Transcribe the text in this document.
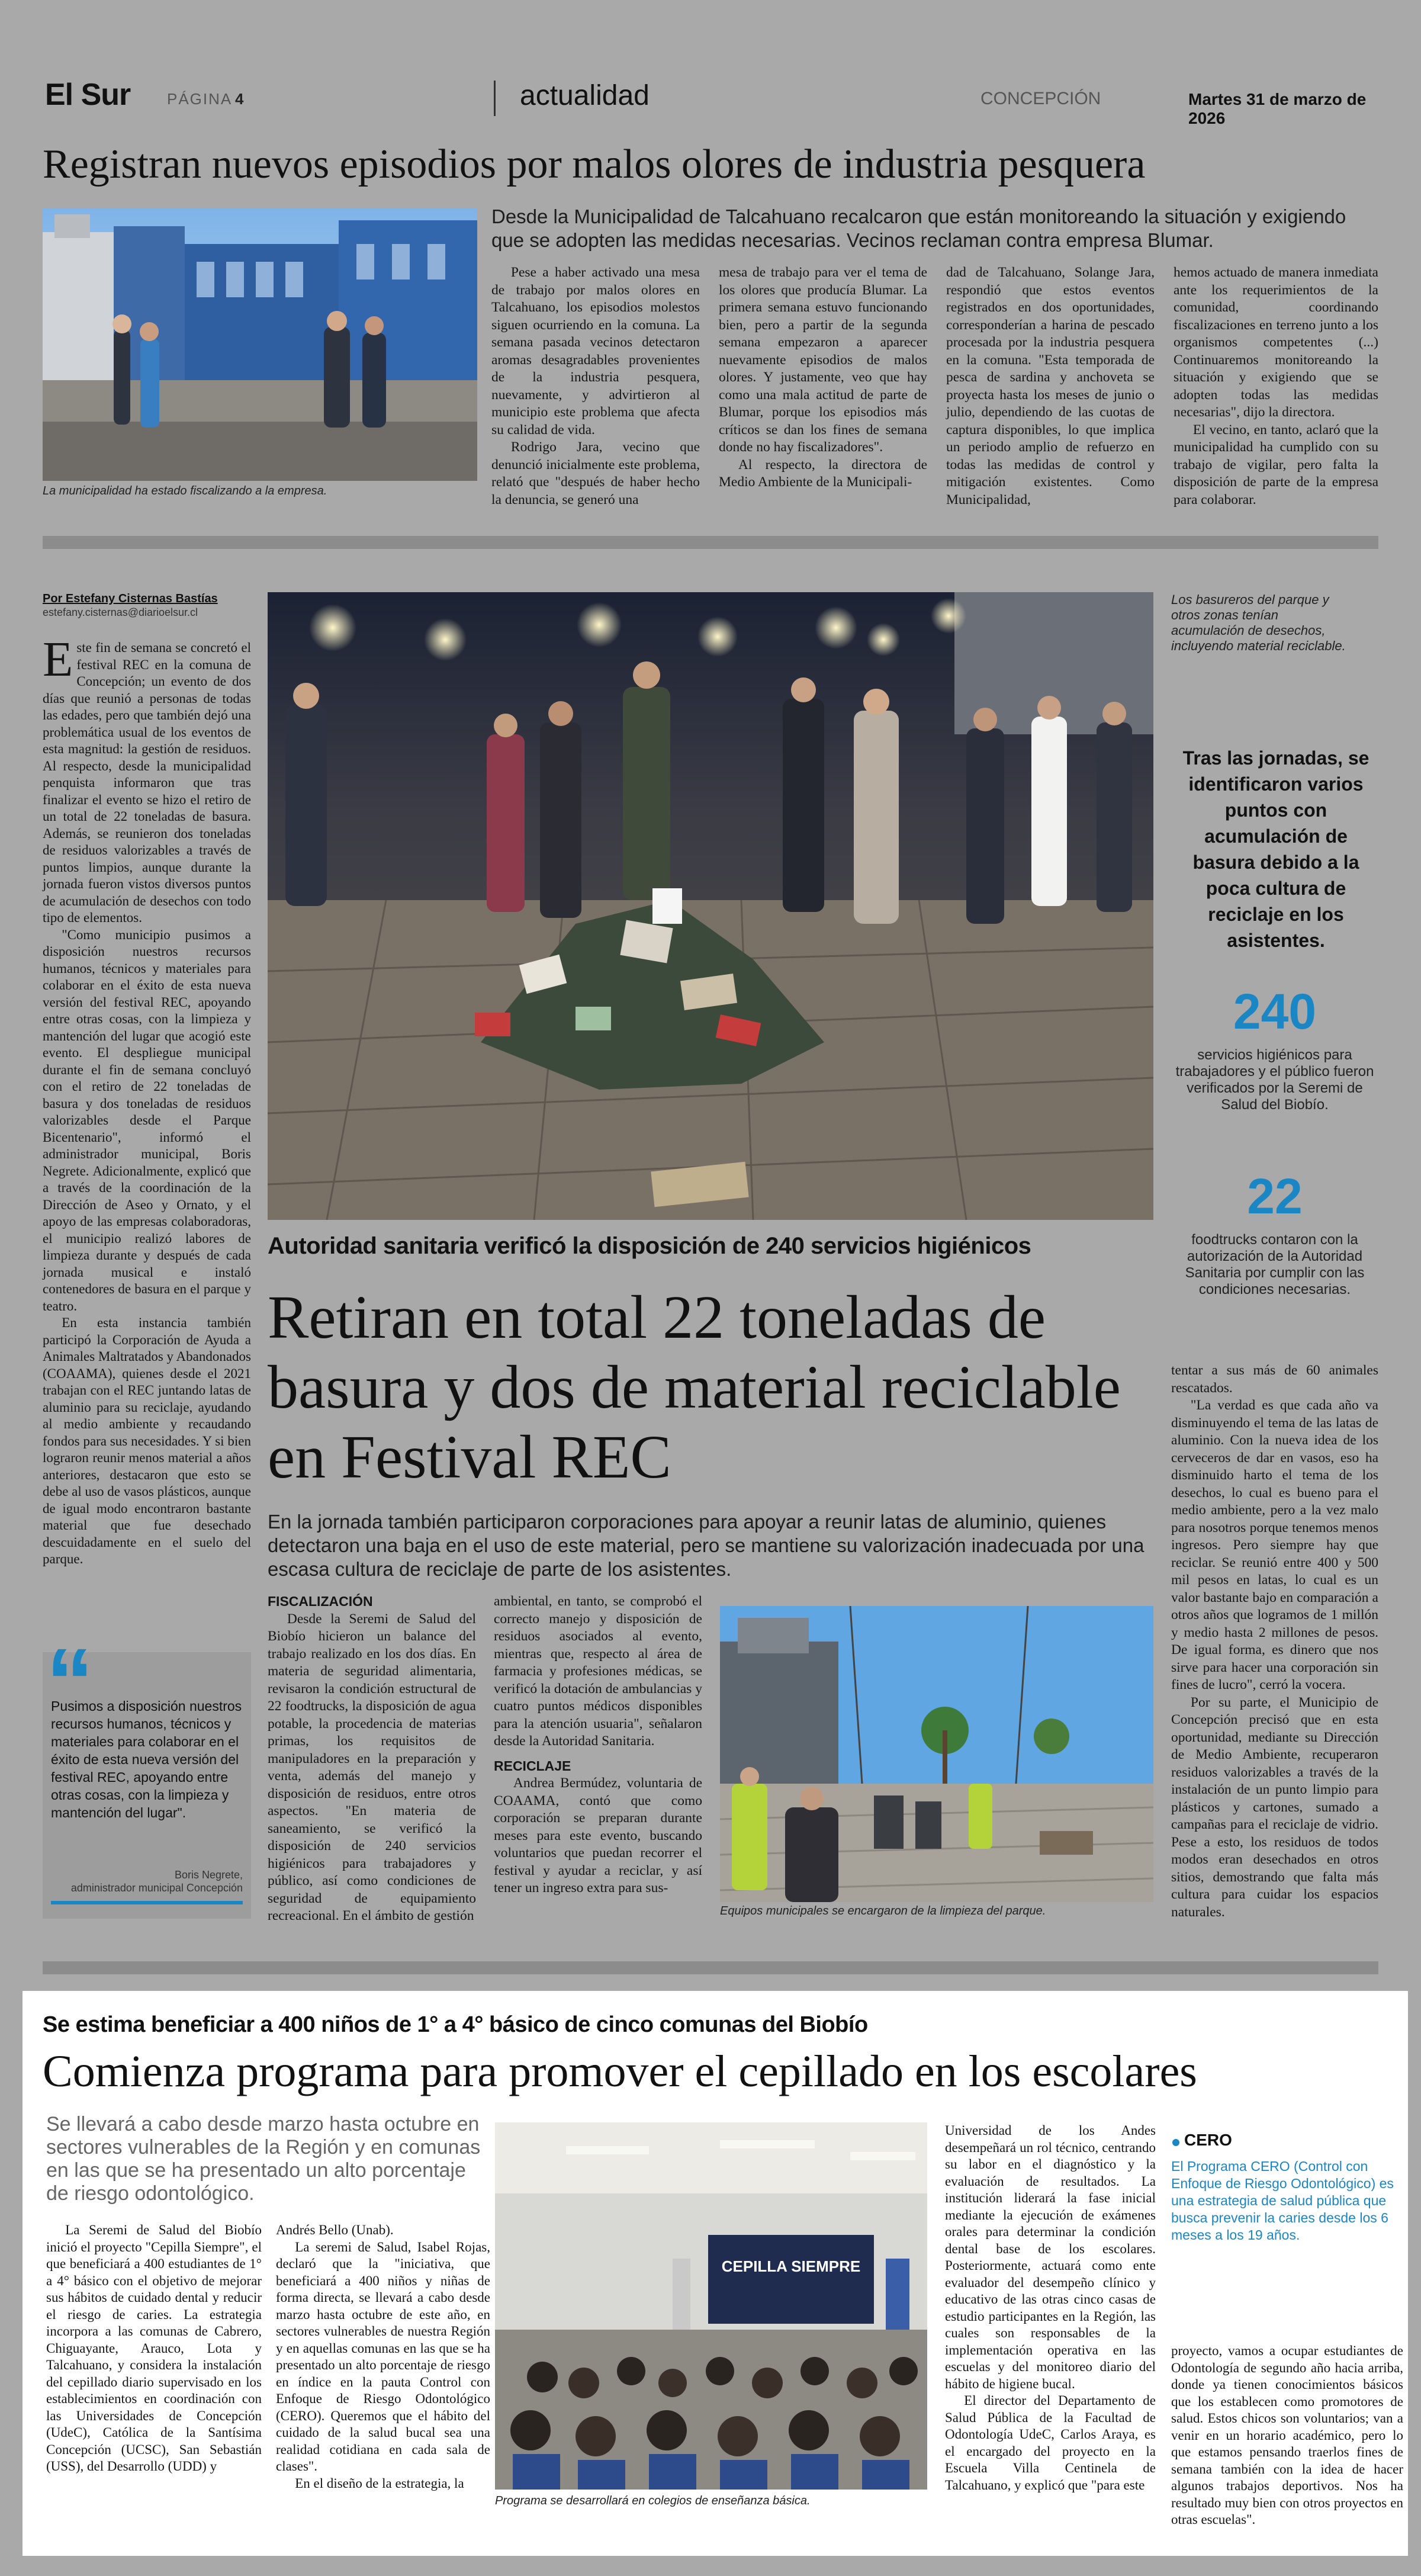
El Sur PÁGINA 4	actualidad	CONCEPCIÓN	Martes 31 de marzo de 2026
Registran nuevos episodios por malos olores de industria pesquera
La municipalidad ha estado fiscalizando a la empresa.
Desde la Municipalidad de Talcahuano recalcaron que están monitoreando la situación y exigiendo que se adopten las medidas necesarias. Vecinos reclaman contra empresa Blumar.

Pese a haber activado una mesa de trabajo por malos olores en Talcahuano, los episodios molestos siguen ocurriendo en la comuna. La semana pasada vecinos detectaron aromas desagradables provenientes de la industria pesquera, nuevamente, y advirtieron al municipio este problema que afecta su calidad de vida.

Rodrigo Jara, vecino que denunció inicialmente este problema, relató que "después de haber hecho la denuncia, se generó una

mesa de trabajo para ver el tema de los olores que producía Blumar. La primera semana estuvo funcionando bien, pero a partir de la segunda semana empezaron a aparecer nuevamente episodios de malos olores. Y justamente, veo que hay como una mala actitud de parte de Blumar, porque los episodios más críticos se dan los fines de semana donde no hay fiscalizadores".

Al respecto, la directora de Medio Ambiente de la Municipali-

dad de Talcahuano, Solange Jara, respondió que estos eventos registrados en dos oportunidades, corresponderían a harina de pescado procesada por la industria pesquera en la comuna. "Esta temporada de pesca de sardina y anchoveta se proyecta hasta los meses de junio o julio, dependiendo de las cuotas de captura disponibles, lo que implica un periodo amplio de refuerzo en todas las medidas de control y mitigación existentes. Como Municipalidad,

hemos actuado de manera inmediata ante los requerimientos de la comunidad, coordinando fiscalizaciones en terreno junto a los organismos competentes (...) Continuaremos monitoreando la situación y exigiendo que se adopten todas las medidas necesarias", dijo la directora.

El vecino, en tanto, aclaró que la municipalidad ha cumplido con su trabajo de vigilar, pero falta la disposición de parte de la empresa para colaborar.

Por Estefany Cisternas Bastías
estefany.cisternas@diarioelsur.cl

Este fin de semana se concretó el festival REC en la comuna de Concepción; un evento de dos días que reunió a personas de todas las edades, pero que también dejó una problemática usual de los eventos de esta magnitud: la gestión de residuos. Al respecto, desde la municipalidad penquista informaron que tras finalizar el evento se hizo el retiro de un total de 22 toneladas de basura. Además, se reunieron dos toneladas de residuos valorizables a través de puntos limpios, aunque durante la jornada fueron vistos diversos puntos de acumulación de desechos con todo tipo de elementos.

"Como municipio pusimos a disposición nuestros recursos humanos, técnicos y materiales para colaborar en el éxito de esta nueva versión del festival REC, apoyando entre otras cosas, con la limpieza y mantención del lugar que acogió este evento. El despliegue municipal durante el fin de semana concluyó con el retiro de 22 toneladas de basura y dos toneladas de residuos valorizables desde el Parque Bicentenario", informó el administrador municipal, Boris Negrete. Adicionalmente, explicó que a través de la coordinación de la Dirección de Aseo y Ornato, y el apoyo de las empresas colaboradoras, el municipio realizó labores de limpieza durante y después de cada jornada musical e instaló contenedores de basura en el parque y teatro.

En esta instancia también participó la Corporación de Ayuda a Animales Maltratados y Abandonados (COAAMA), quienes desde el 2021 trabajan con el REC juntando latas de aluminio para su reciclaje, ayudando al medio ambiente y recaudando fondos para sus necesidades. Y si bien lograron reunir menos material a años anteriores, destacaron que esto se debe al uso de vasos plásticos, aunque de igual modo encontraron bastante material que fue desechado descuidadamente en el suelo del parque.

“
Pusimos a disposición nuestros recursos humanos, técnicos y materiales para colaborar en el éxito de esta nueva versión del festival REC, apoyando entre otras cosas, con la limpieza y mantención del lugar".
Boris Negrete,
administrador municipal Concepción
Los basureros del parque y otros zonas tenían acumulación de desechos, incluyendo material reciclable.
Tras las jornadas, se identificaron varios puntos con acumulación de basura debido a la poca cultura de reciclaje en los asistentes.
240
servicios higiénicos para trabajadores y el público fueron verificados por la Seremi de Salud del Biobío.
22
foodtrucks contaron con la autorización de la Autoridad Sanitaria por cumplir con las condiciones necesarias.
Autoridad sanitaria verificó la disposición de 240 servicios higiénicos
Retiran en total 22 toneladas de basura y dos de material reciclable en Festival REC
En la jornada también participaron corporaciones para apoyar a reunir latas de aluminio, quienes detectaron una baja en el uso de este material, pero se mantiene su valorización inadecuada por una escasa cultura de reciclaje de parte de los asistentes.
FISCALIZACIÓN

Desde la Seremi de Salud del Biobío hicieron un balance del trabajo realizado en los dos días. En materia de seguridad alimentaria, revisaron la condición estructural de 22 foodtrucks, la disposición de agua potable, la procedencia de materias primas, los requisitos de manipuladores en la preparación y venta, además del manejo y disposición de residuos, entre otros aspectos. "En materia de saneamiento, se verificó la disposición de 240 servicios higiénicos para trabajadores y público, así como condiciones de seguridad de equipamiento recreacional. En el ámbito de gestión

ambiental, en tanto, se comprobó el correcto manejo y disposición de residuos asociados al evento, mientras que, respecto al área de farmacia y profesiones médicas, se verificó la dotación de ambulancias y cuatro puntos médicos disponibles para la atención usuaria", señalaron desde la Autoridad Sanitaria.

RECICLAJE

Andrea Bermúdez, voluntaria de COAAMA, contó que como corporación se preparan durante meses para este evento, buscando voluntarios que puedan recorrer el festival y ayudar a reciclar, y así tener un ingreso extra para sus-

Equipos municipales se encargaron de la limpieza del parque.

tentar a sus más de 60 animales rescatados.

"La verdad es que cada año va disminuyendo el tema de las latas de aluminio. Con la nueva idea de los cerveceros de dar en vasos, eso ha disminuido harto el tema de los desechos, lo cual es bueno para el medio ambiente, pero a la vez malo para nosotros porque tenemos menos ingresos. Pero siempre hay que reciclar. Se reunió entre 400 y 500 mil pesos en latas, lo cual es un valor bastante bajo en comparación a otros años que logramos de 1 millón y medio hasta 2 millones de pesos. De igual forma, es dinero que nos sirve para hacer una corporación sin fines de lucro", cerró la vocera.

Por su parte, el Municipio de Concepción precisó que en esta oportunidad, mediante su Dirección de Medio Ambiente, recuperaron residuos valorizables a través de la instalación de un punto limpio para plásticos y cartones, sumado a campañas para el reciclaje de vidrio. Pese a esto, los residuos de todos modos eran desechados en otros sitios, demostrando que falta más cultura para cuidar los espacios naturales.

Se estima beneficiar a 400 niños de 1° a 4° básico de cinco comunas del Biobío
Comienza programa para promover el cepillado en los escolares
Se llevará a cabo desde marzo hasta octubre en sectores vulnerables de la Región y en comunas en las que se ha presentado un alto porcentaje de riesgo odontológico.

La Seremi de Salud del Biobío inició el proyecto "Cepilla Siempre", el que beneficiará a 400 estudiantes de 1° a 4° básico con el objetivo de mejorar sus hábitos de cuidado dental y reducir el riesgo de caries. La estrategia incorpora a las comunas de Cabrero, Chiguayante, Arauco, Lota y Talcahuano, y considera la instalación del cepillado diario supervisado en los establecimientos en coordinación con las Universidades de Concepción (UdeC), Católica de la Santísima Concepción (UCSC), San Sebastián (USS), del Desarrollo (UDD) y

Andrés Bello (Unab).

La seremi de Salud, Isabel Rojas, declaró que la "iniciativa, que beneficiará a 400 niños y niñas de forma directa, se llevará a cabo desde marzo hasta octubre de este año, en sectores vulnerables de nuestra Región y en aquellas comunas en las que se ha presentado un alto porcentaje de riesgo en índice en la pauta Control con Enfoque de Riesgo Odontológico (CERO). Queremos que el hábito del cuidado de la salud bucal sea una realidad cotidiana en cada sala de clases".

En el diseño de la estrategia, la

CEPILLA SIEMPRE
Programa se desarrollará en colegios de enseñanza básica.

Universidad de los Andes desempeñará un rol técnico, centrando su labor en el diagnóstico y la evaluación de resultados. La institución liderará la fase inicial mediante la ejecución de exámenes orales para determinar la condición dental base de los escolares. Posteriormente, actuará como ente evaluador del desempeño clínico y educativo de las otras cinco casas de estudio participantes en la Región, las cuales son responsables de la implementación operativa en las escuelas y del monitoreo diario del hábito de higiene bucal.

El director del Departamento de Salud Pública de la Facultad de Odontología UdeC, Carlos Araya, es el encargado del proyecto en la Escuela Villa Centinela de Talcahuano, y explicó que "para este

CERO
El Programa CERO (Control con Enfoque de Riesgo Odontológico) es una estrategia de salud pública que busca prevenir la caries desde los 6 meses a los 19 años.

proyecto, vamos a ocupar estudiantes de Odontología de segundo año hacia arriba, donde ya tienen conocimientos básicos que los establecen como promotores de salud. Estos chicos son voluntarios; van a venir en un horario académico, pero lo que estamos pensando traerlos fines de semana también con la idea de hacer algunos trabajos deportivos. Nos ha resultado muy bien con otros proyectos en otras escuelas".
